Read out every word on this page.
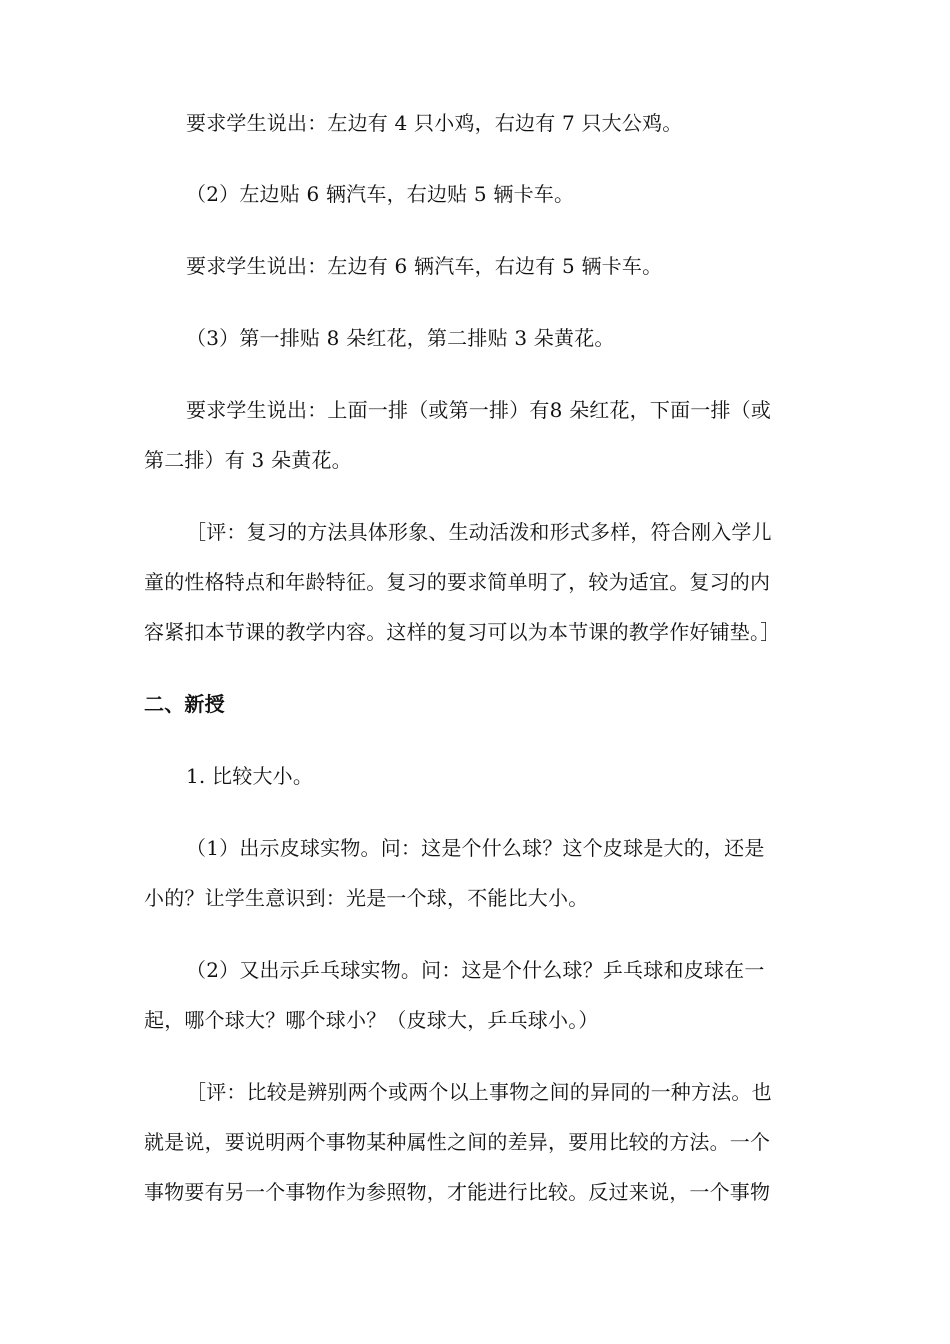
要求学生说出：左边有 4 只小鸡，右边有 7 只大公鸡。
（2）左边贴 6 辆汽车，右边贴 5 辆卡车。
要求学生说出：左边有 6 辆汽车，右边有 5 辆卡车。
（3）第一排贴 8 朵红花，第二排贴 3 朵黄花。
要求学生说出：上面一排（或第一排）有8 朵红花，下面一排（或
第二排）有 3 朵黄花。
［评：复习的方法具体形象、生动活泼和形式多样，符合刚入学儿
童的性格特点和年龄特征。复习的要求简单明了，较为适宜。复习的内
容紧扣本节课的教学内容。这样的复习可以为本节课的教学作好铺垫。］
二、新授
1. 比较大小。
（1）出示皮球实物。问：这是个什么球？这个皮球是大的，还是
小的？让学生意识到：光是一个球，不能比大小。
（2）又出示乒乓球实物。问：这是个什么球？乒乓球和皮球在一
起，哪个球大？哪个球小？（皮球大，乒乓球小。）
［评：比较是辨别两个或两个以上事物之间的异同的一种方法。也
就是说，要说明两个事物某种属性之间的差异，要用比较的方法。一个
事物要有另一个事物作为参照物，才能进行比较。反过来说，一个事物
